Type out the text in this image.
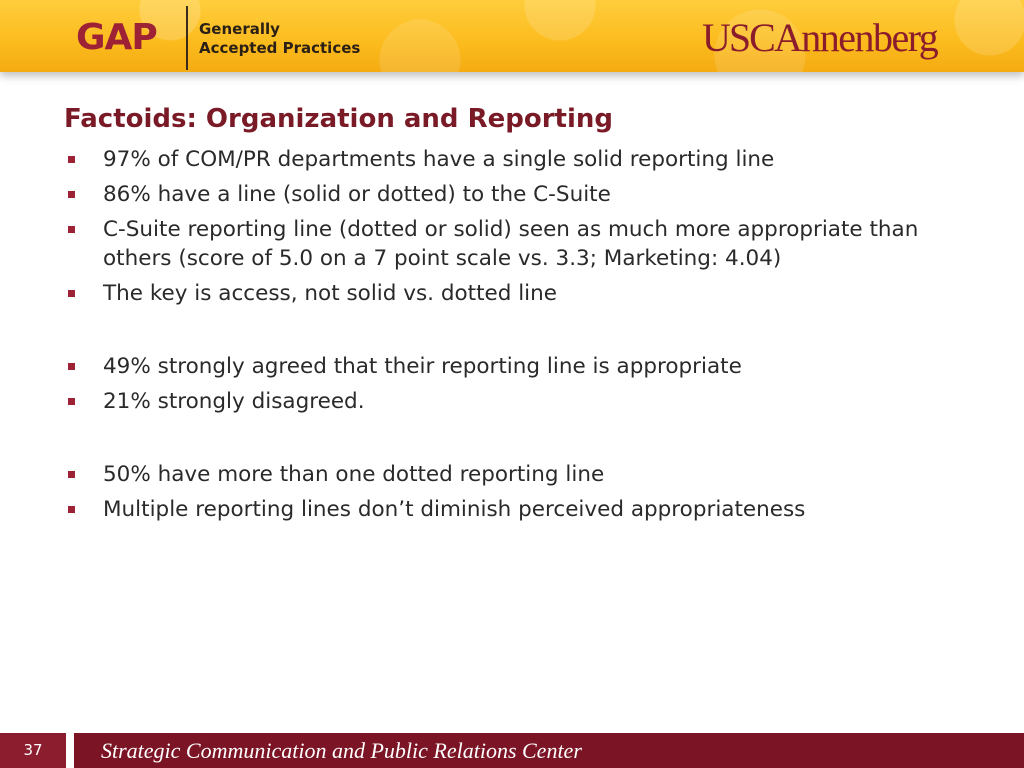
GAP	Generally
Accepted Practices	USCAnnenberg
Factoids: Organization and Reporting
97% of COM/PR departments have a single solid reporting line
86% have a line (solid or dotted) to the C-Suite
C-Suite reporting line (dotted or solid) seen as much more appropriate than others (score of 5.0 on a 7 point scale vs. 3.3; Marketing: 4.04)
The key is access, not solid vs. dotted line
49% strongly agreed that their reporting line is appropriate
21% strongly disagreed.
50% have more than one dotted reporting line
Multiple reporting lines don’t diminish perceived appropriateness
37	Strategic Communication and Public Relations Center
